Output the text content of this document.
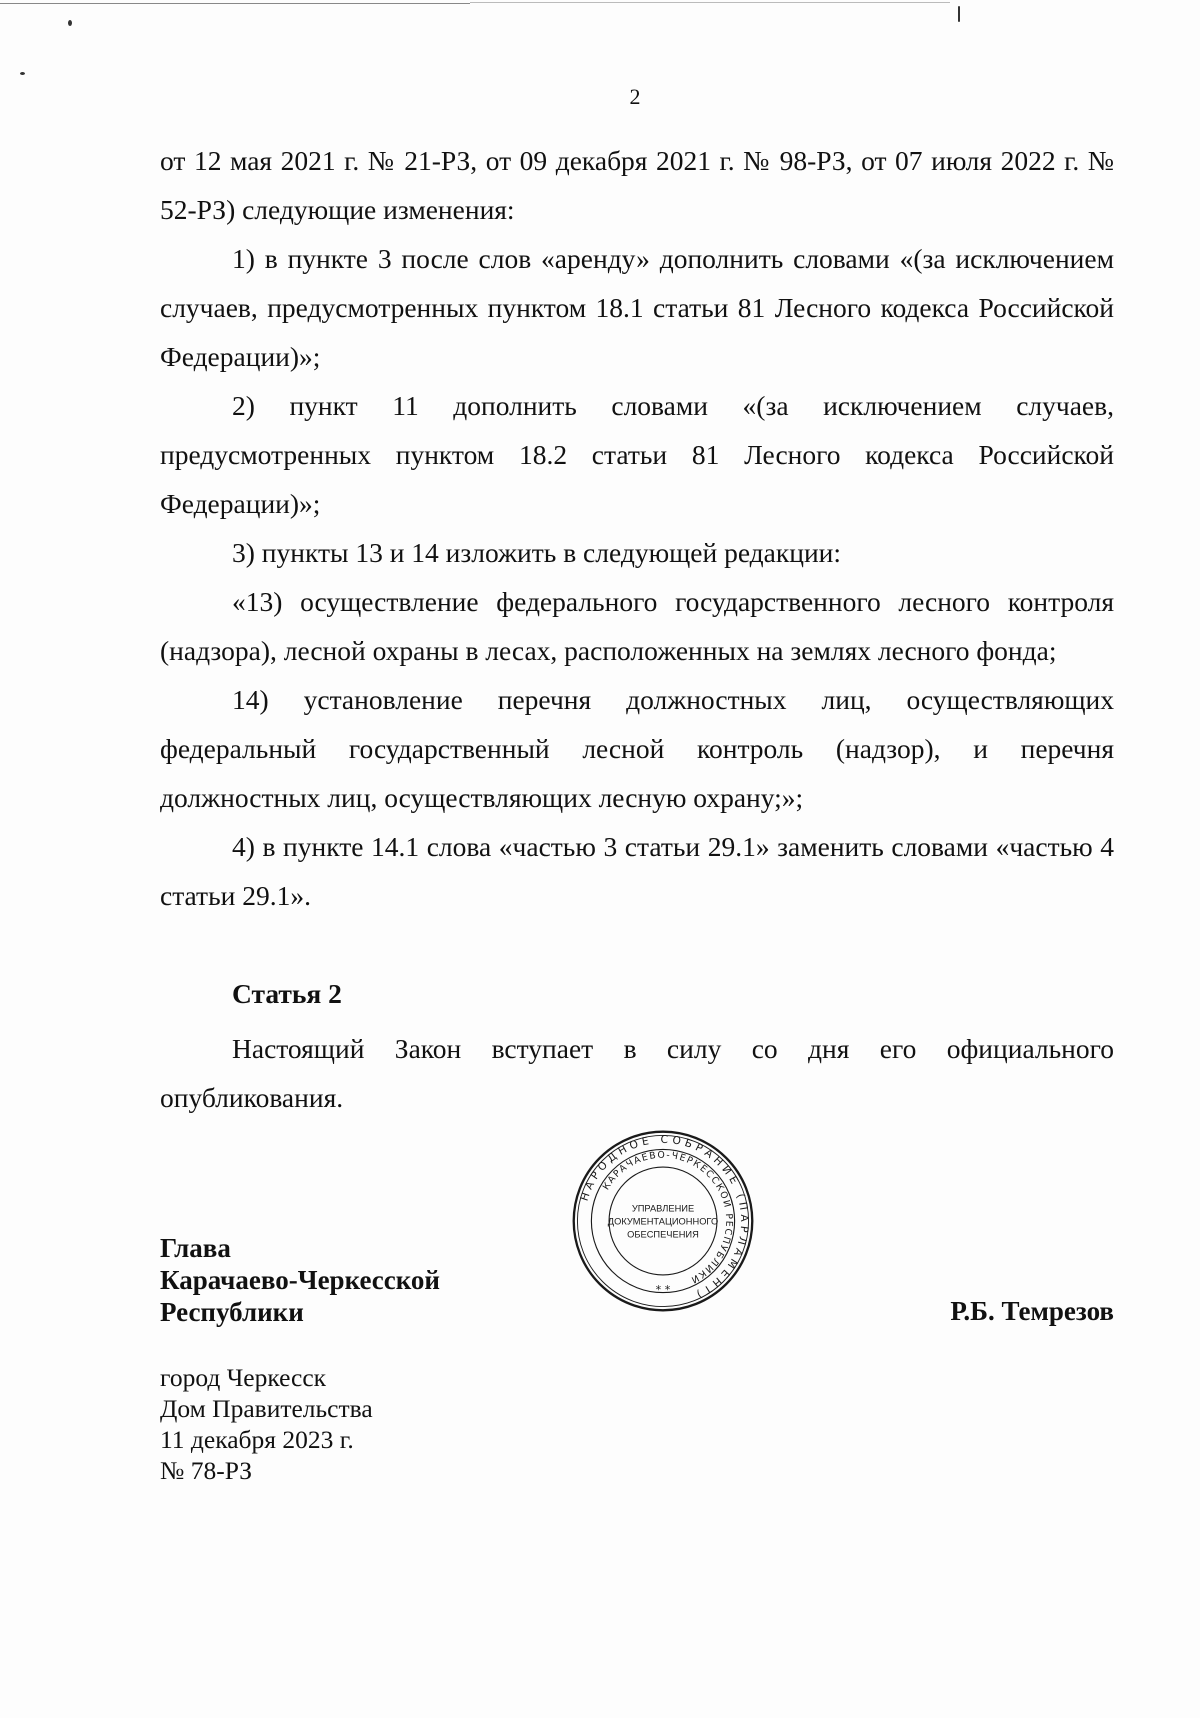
2

от 12 мая 2021 г. № 21-РЗ, от 09 декабря 2021 г. № 98-РЗ, от 07 июля 2022 г. № 52-РЗ) следующие изменения:

1) в пункте 3 после слов «аренду» дополнить словами «(за исключением случаев, предусмотренных пунктом 18.1 статьи 81 Лесного кодекса Российской Федерации)»;

2) пункт 11 дополнить словами «(за исключением случаев, предусмотренных пунктом 18.2 статьи 81 Лесного кодекса Российской Федерации)»;

3) пункты 13 и 14 изложить в следующей редакции:

«13) осуществление федерального государственного лесного контроля (надзора), лесной охраны в лесах, расположенных на землях лесного фонда;

14) установление перечня должностных лиц, осуществляющих федеральный государственный лесной контроль (надзор), и перечня должностных лиц, осуществляющих лесную охрану;»;

4) в пункте 14.1 слова «частью 3 статьи 29.1» заменить словами «частью 4 статьи 29.1».

Статья 2

Настоящий Закон вступает в силу со дня его официального опубликования.

Глава
Карачаево-Черкесской
Республики
НАРОДНОЕ СОБРАНИЕ (ПАРЛАМЕНТ)
КАРАЧАЕВО-ЧЕРКЕССКОЙ РЕСПУБЛИКИ
УПРАВЛЕНИЕ
ДОКУМЕНТАЦИОННОГО
ОБЕСПЕЧЕНИЯ
* *
Р.Б. Темрезов
город Черкесск
Дом Правительства
11 декабря 2023 г.
№ 78-РЗ
